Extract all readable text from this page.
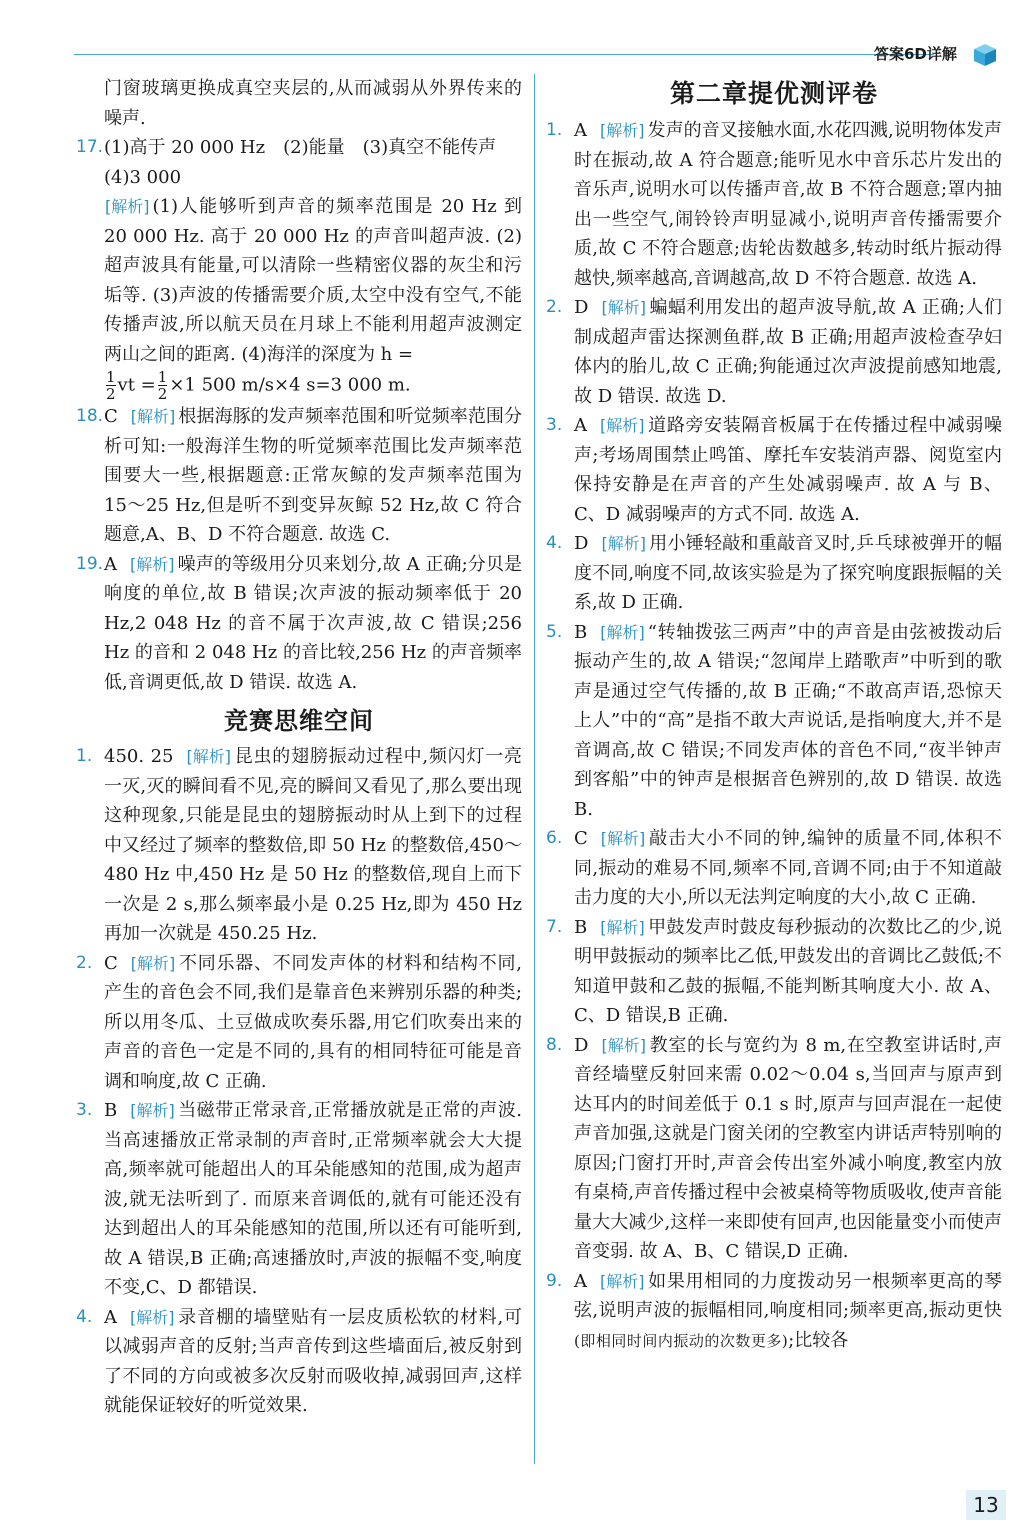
答案6D详解

门窗玻璃更换成真空夹层的,从而减弱从外界传来的噪声.

17. (1)高于 20 000 Hz　(2)能量　(3)真空不能传声
(4)3 000
[ 解析 ] (1)人能够听到声音的频率范围是 20 Hz 到 20 000 Hz. 高于 20 000 Hz 的声音叫超声波. (2)超声波具有能量,可以清除一些精密仪器的灰尘和污垢等. (3)声波的传播需要介质,太空中没有空气,不能传播声波,所以航天员在月球上不能利用超声波测定两山之间的距离. (4)海洋的深度为 h =
$\frac{1}{2}$ vt = $\frac{1}{2} \times 1$ 500 m/s×4 s=3 000 m.
18. C [ 解析 ] 根据海豚的发声频率范围和听觉频率范围分析可知:一般海洋生物的听觉频率范围比发声频率范围要大一些,根据题意:正常灰鲸的发声频率范围为 15～25 Hz,但是听不到变异灰鲸 52 Hz,故 C 符合题意,A、B、D 不符合题意. 故选 C.
19. A [ 解析 ] 噪声的等级用分贝来划分,故 A 正确;分贝是响度的单位,故 B 错误;次声波的振动频率低于 20 Hz,2 048 Hz 的音不属于次声波,故 C 错误;256 Hz 的音和 2 048 Hz 的音比较,256 Hz 的声音频率低,音调更低,故 D 错误. 故选 A.
竞赛思维空间
1. 450. 25 [ 解析 ] 昆虫的翅膀振动过程中,频闪灯一亮一灭,灭的瞬间看不见,亮的瞬间又看见了,那么要出现这种现象,只能是昆虫的翅膀振动时从上到下的过程中又经过了频率的整数倍,即 50 Hz 的整数倍,450～480 Hz 中,450 Hz 是 50 Hz 的整数倍,现自上而下一次是 2 s,那么频率最小是 0.25 Hz,即为 450 Hz 再加一次就是 450.25 Hz.
2. C [ 解析 ] 不同乐器、不同发声体的材料和结构不同,产生的音色会不同,我们是靠音色来辨别乐器的种类;所以用冬瓜、土豆做成吹奏乐器,用它们吹奏出来的声音的音色一定是不同的,具有的相同特征可能是音调和响度,故 C 正确.
3. B [ 解析 ] 当磁带正常录音,正常播放就是正常的声波. 当高速播放正常录制的声音时,正常频率就会大大提高,频率就可能超出人的耳朵能感知的范围,成为超声波,就无法听到了. 而原来音调低的,就有可能还没有达到超出人的耳朵能感知的范围,所以还有可能听到,故 A 错误,B 正确;高速播放时,声波的振幅不变,响度不变,C、D 都错误.
4. A [ 解析 ] 录音棚的墙壁贴有一层皮质松软的材料,可以减弱声音的反射;当声音传到这些墙面后,被反射到了不同的方向或被多次反射而吸收掉,减弱回声,这样就能保证较好的听觉效果.
第二章提优测评卷
1. A [ 解析 ] 发声的音叉接触水面,水花四溅,说明物体发声时在振动,故 A 符合题意;能听见水中音乐芯片发出的音乐声,说明水可以传播声音,故 B 不符合题意;罩内抽出一些空气,闹铃铃声明显减小,说明声音传播需要介质,故 C 不符合题意;齿轮齿数越多,转动时纸片振动得越快,频率越高,音调越高,故 D 不符合题意. 故选 A.
2. D [ 解析 ] 蝙蝠利用发出的超声波导航,故 A 正确;人们制成超声雷达探测鱼群,故 B 正确;用超声波检查孕妇体内的胎儿,故 C 正确;狗能通过次声波提前感知地震,故 D 错误. 故选 D.
3. A [ 解析 ] 道路旁安装隔音板属于在传播过程中减弱噪声;考场周围禁止鸣笛、摩托车安装消声器、阅览室内保持安静是在声音的产生处减弱噪声. 故 A 与 B、C、D 减弱噪声的方式不同. 故选 A.
4. D [ 解析 ] 用小锤轻敲和重敲音叉时,乒乓球被弹开的幅度不同,响度不同,故该实验是为了探究响度跟振幅的关系,故 D 正确.
5. B [ 解析 ] “转轴拨弦三两声”中的声音是由弦被拨动后振动产生的,故 A 错误;“忽闻岸上踏歌声”中听到的歌声是通过空气传播的,故 B 正确;“不敢高声语,恐惊天上人”中的“高”是指不敢大声说话,是指响度大,并不是音调高,故 C 错误;不同发声体的音色不同,“夜半钟声到客船”中的钟声是根据音色辨别的,故 D 错误. 故选 B.
6. C [ 解析 ] 敲击大小不同的钟,编钟的质量不同,体积不同,振动的难易不同,频率不同,音调不同;由于不知道敲击力度的大小,所以无法判定响度的大小,故 C 正确.
7. B [ 解析 ] 甲鼓发声时鼓皮每秒振动的次数比乙的少,说明甲鼓振动的频率比乙低,甲鼓发出的音调比乙鼓低;不知道甲鼓和乙鼓的振幅,不能判断其响度大小. 故 A、C、D 错误,B 正确.
8. D [ 解析 ] 教室的长与宽约为 8 m,在空教室讲话时,声音经墙壁反射回来需 0.02～0.04 s,当回声与原声到达耳内的时间差低于 0.1 s 时,原声与回声混在一起使声音加强,这就是门窗关闭的空教室内讲话声特别响的原因;门窗打开时,声音会传出室外减小响度,教室内放有桌椅,声音传播过程中会被桌椅等物质吸收,使声音能量大大减少,这样一来即使有回声,也因能量变小而使声音变弱. 故 A、B、C 错误,D 正确.
9. A [ 解析 ] 如果用相同的力度拨动另一根频率更高的琴弦,说明声波的振幅相同,响度相同;频率更高,振动更快(即相同时间内振动的次数更多);比较各
13
